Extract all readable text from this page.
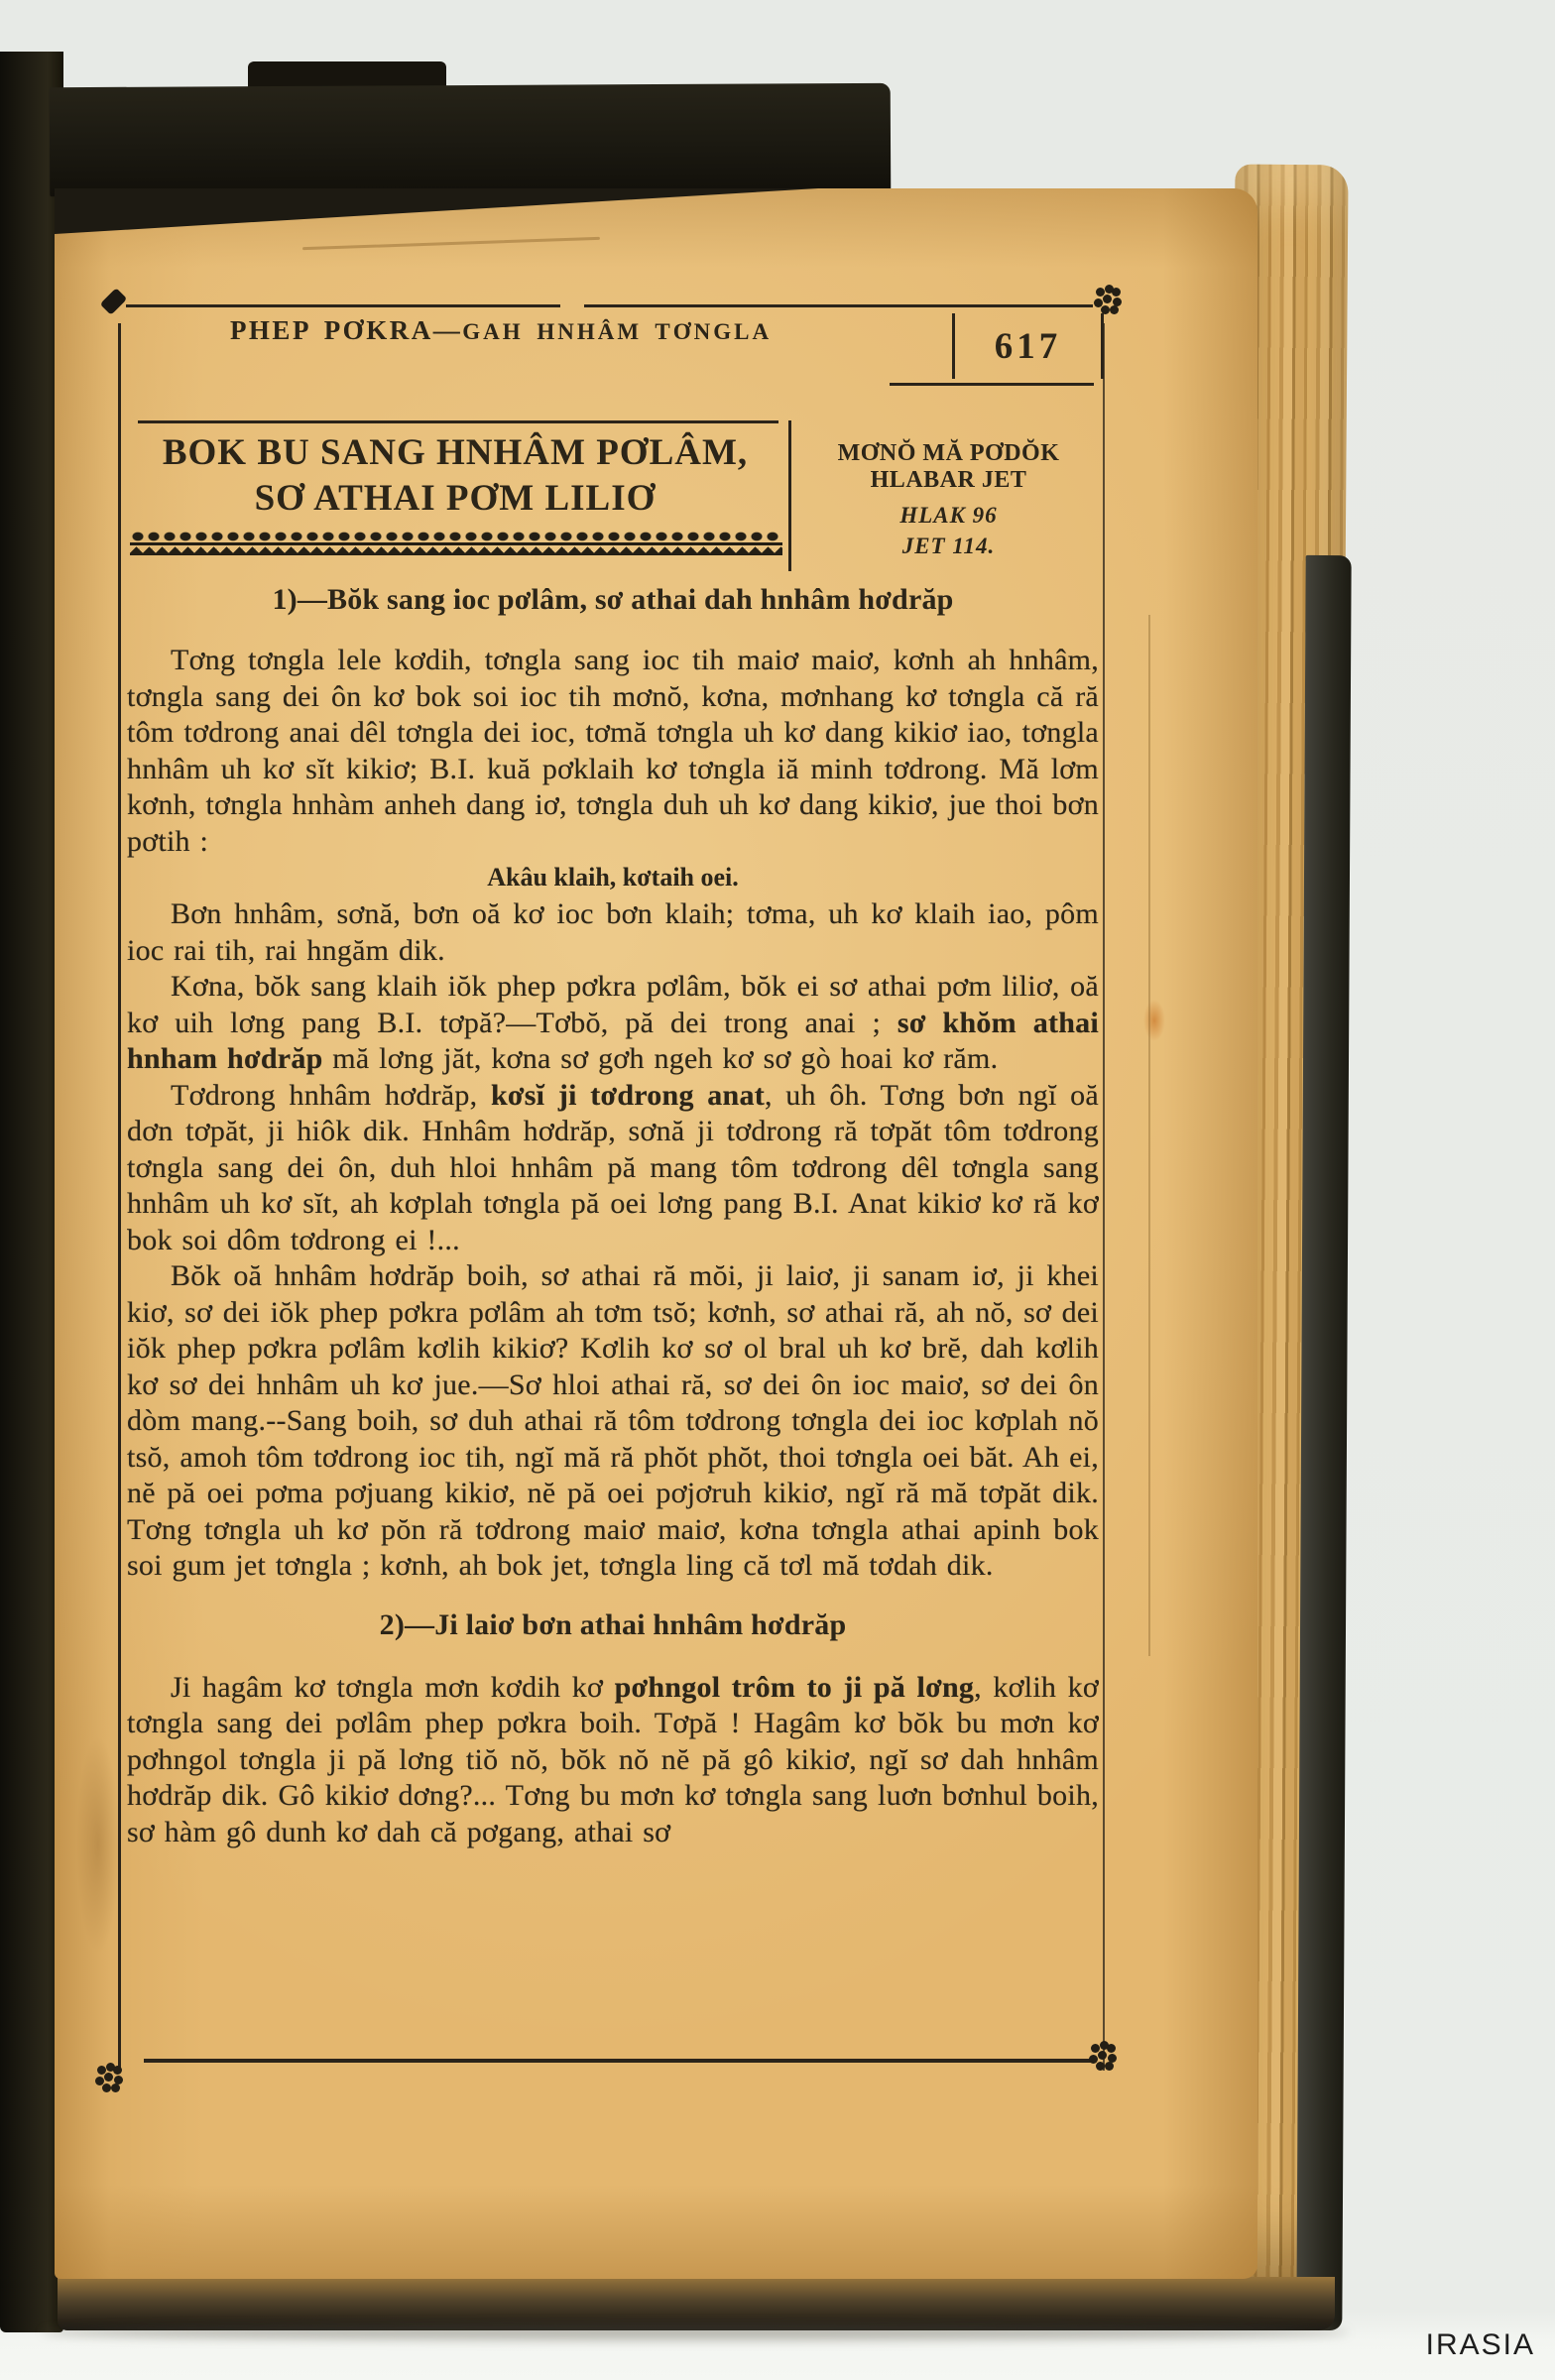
PHEP PƠKRA—GAH HNHÂM TƠNGLA	617
BOK BU SANG HNHÂM PƠLÂM,
SƠ ATHAI PƠM LILIƠ
MƠNŎ MĂ PƠDŎK HLABAR JET
HLAK 96
JET 114.
1)—Bŏk sang ioc pơlâm, sơ athai dah hnhâm hơdrăp

Tơng tơngla lele kơdih, tơngla sang ioc tih maiơ maiơ, kơnh ah hnhâm, tơngla sang dei ôn kơ bok soi ioc tih mơnŏ, kơna, mơnhang kơ tơngla că ră tôm tơdrong anai dêl tơngla dei ioc, tơmă tơngla uh kơ dang kikiơ iao, tơngla hnhâm uh kơ sĭt kikiơ; B.I. kuă pơklaih kơ tơngla iă minh tơdrong. Mă lơm kơnh, tơngla hnhàm anheh dang iơ, tơngla duh uh kơ dang kikiơ, jue thoi bơn pơtih :

Akâu klaih, kơtaih oei.

Bơn hnhâm, sơnă, bơn oă kơ ioc bơn klaih; tơma, uh kơ klaih iao, pôm ioc rai tih, rai hngăm dik.

Kơna, bŏk sang klaih iŏk phep pơkra pơlâm, bŏk ei sơ athai pơm liliơ, oă kơ uih lơng pang B.I. tơpă?—Tơbŏ, pă dei trong anai ; sơ khŏm athai hnham hơdrăp mă lơng jăt, kơna sơ gơh ngeh kơ sơ gò hoai kơ răm.

Tơdrong hnhâm hơdrăp, kơsĭ ji tơdrong anat, uh ôh. Tơng bơn ngĭ oă dơn tơpăt, ji hiôk dik. Hnhâm hơdrăp, sơnă ji tơdrong ră tơpăt tôm tơdrong tơngla sang dei ôn, duh hloi hnhâm pă mang tôm tơdrong dêl tơngla sang hnhâm uh kơ sĭt, ah kơplah tơngla pă oei lơng pang B.I. Anat kikiơ kơ ră kơ bok soi dôm tơdrong ei !...

Bŏk oă hnhâm hơdrăp boih, sơ athai ră mŏi, ji laiơ, ji sanam iơ, ji khei kiơ, sơ dei iŏk phep pơkra pơlâm ah tơm tsŏ; kơnh, sơ athai ră, ah nŏ, sơ dei iŏk phep pơkra pơlâm kơlih kikiơ? Kơlih kơ sơ ol bral uh kơ brĕ, dah kơlih kơ sơ dei hnhâm uh kơ jue.—Sơ hloi athai ră, sơ dei ôn ioc maiơ, sơ dei ôn dòm mang.--Sang boih, sơ duh athai ră tôm tơdrong tơngla dei ioc kơplah nŏ tsŏ, amoh tôm tơdrong ioc tih, ngĭ mă ră phŏt phŏt, thoi tơngla oei băt. Ah ei, nĕ pă oei pơma pơjuang kikiơ, nĕ pă oei pơjơruh kikiơ, ngĭ ră mă tơpăt dik. Tơng tơngla uh kơ pŏn ră tơdrong maiơ maiơ, kơna tơngla athai apinh bok soi gum jet tơngla ; kơnh, ah bok jet, tơngla ling că tơl mă tơdah dik.

2)—Ji laiơ bơn athai hnhâm hơdrăp

Ji hagâm kơ tơngla mơn kơdih kơ pơhngol trôm to ji pă lơng, kơlih kơ tơngla sang dei pơlâm phep pơkra boih. Tơpă ! Hagâm kơ bŏk bu mơn kơ pơhngol tơngla ji pă lơng tiŏ nŏ, bŏk nŏ nĕ pă gô kikiơ, ngĭ sơ dah hnhâm hơdrăp dik. Gô kikiơ dơng?... Tơng bu mơn kơ tơngla sang luơn bơnhul boih, sơ hàm gô dunh kơ dah că pơgang, athai sơ

IRASIA
